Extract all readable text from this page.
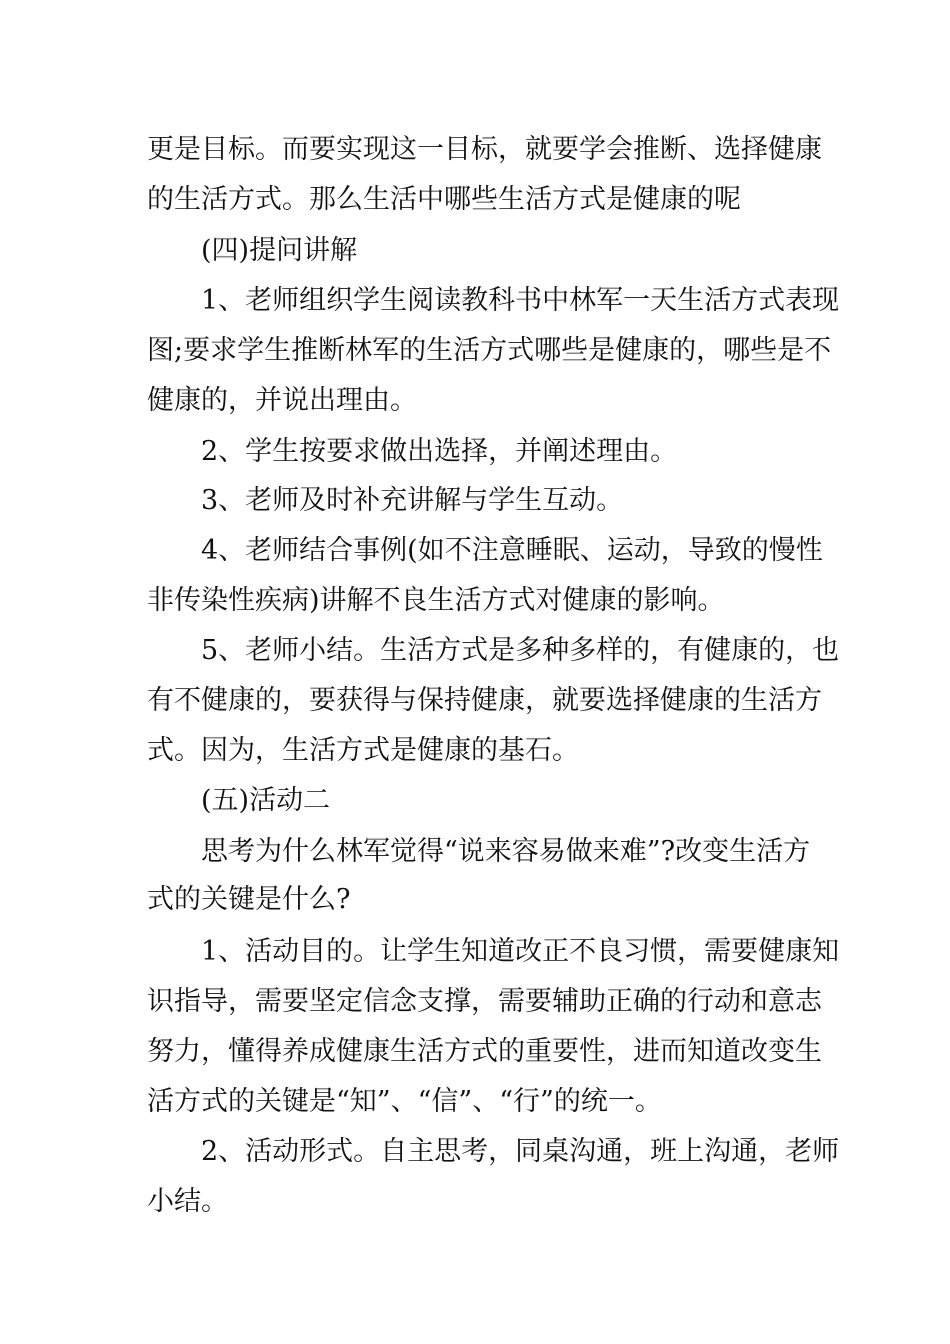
更是目标。而要实现这一目标，就要学会推断、选择健康
的生活方式。那么生活中哪些生活方式是健康的呢
(四)提问讲解
1、老师组织学生阅读教科书中林军一天生活方式表现
图;要求学生推断林军的生活方式哪些是健康的，哪些是不
健康的，并说出理由。
2、学生按要求做出选择，并阐述理由。
3、老师及时补充讲解与学生互动。
4、老师结合事例(如不注意睡眠、运动，导致的慢性
非传染性疾病)讲解不良生活方式对健康的影响。
5、老师小结。生活方式是多种多样的，有健康的，也
有不健康的，要获得与保持健康，就要选择健康的生活方
式。因为，生活方式是健康的基石。
(五)活动二
思考为什么林军觉得“说来容易做来难”?改变生活方
式的关键是什么?
1、活动目的。让学生知道改正不良习惯，需要健康知
识指导，需要坚定信念支撑，需要辅助正确的行动和意志
努力，懂得养成健康生活方式的重要性，进而知道改变生
活方式的关键是“知”、“信”、“行”的统一。
2、活动形式。自主思考，同桌沟通，班上沟通，老师
小结。
